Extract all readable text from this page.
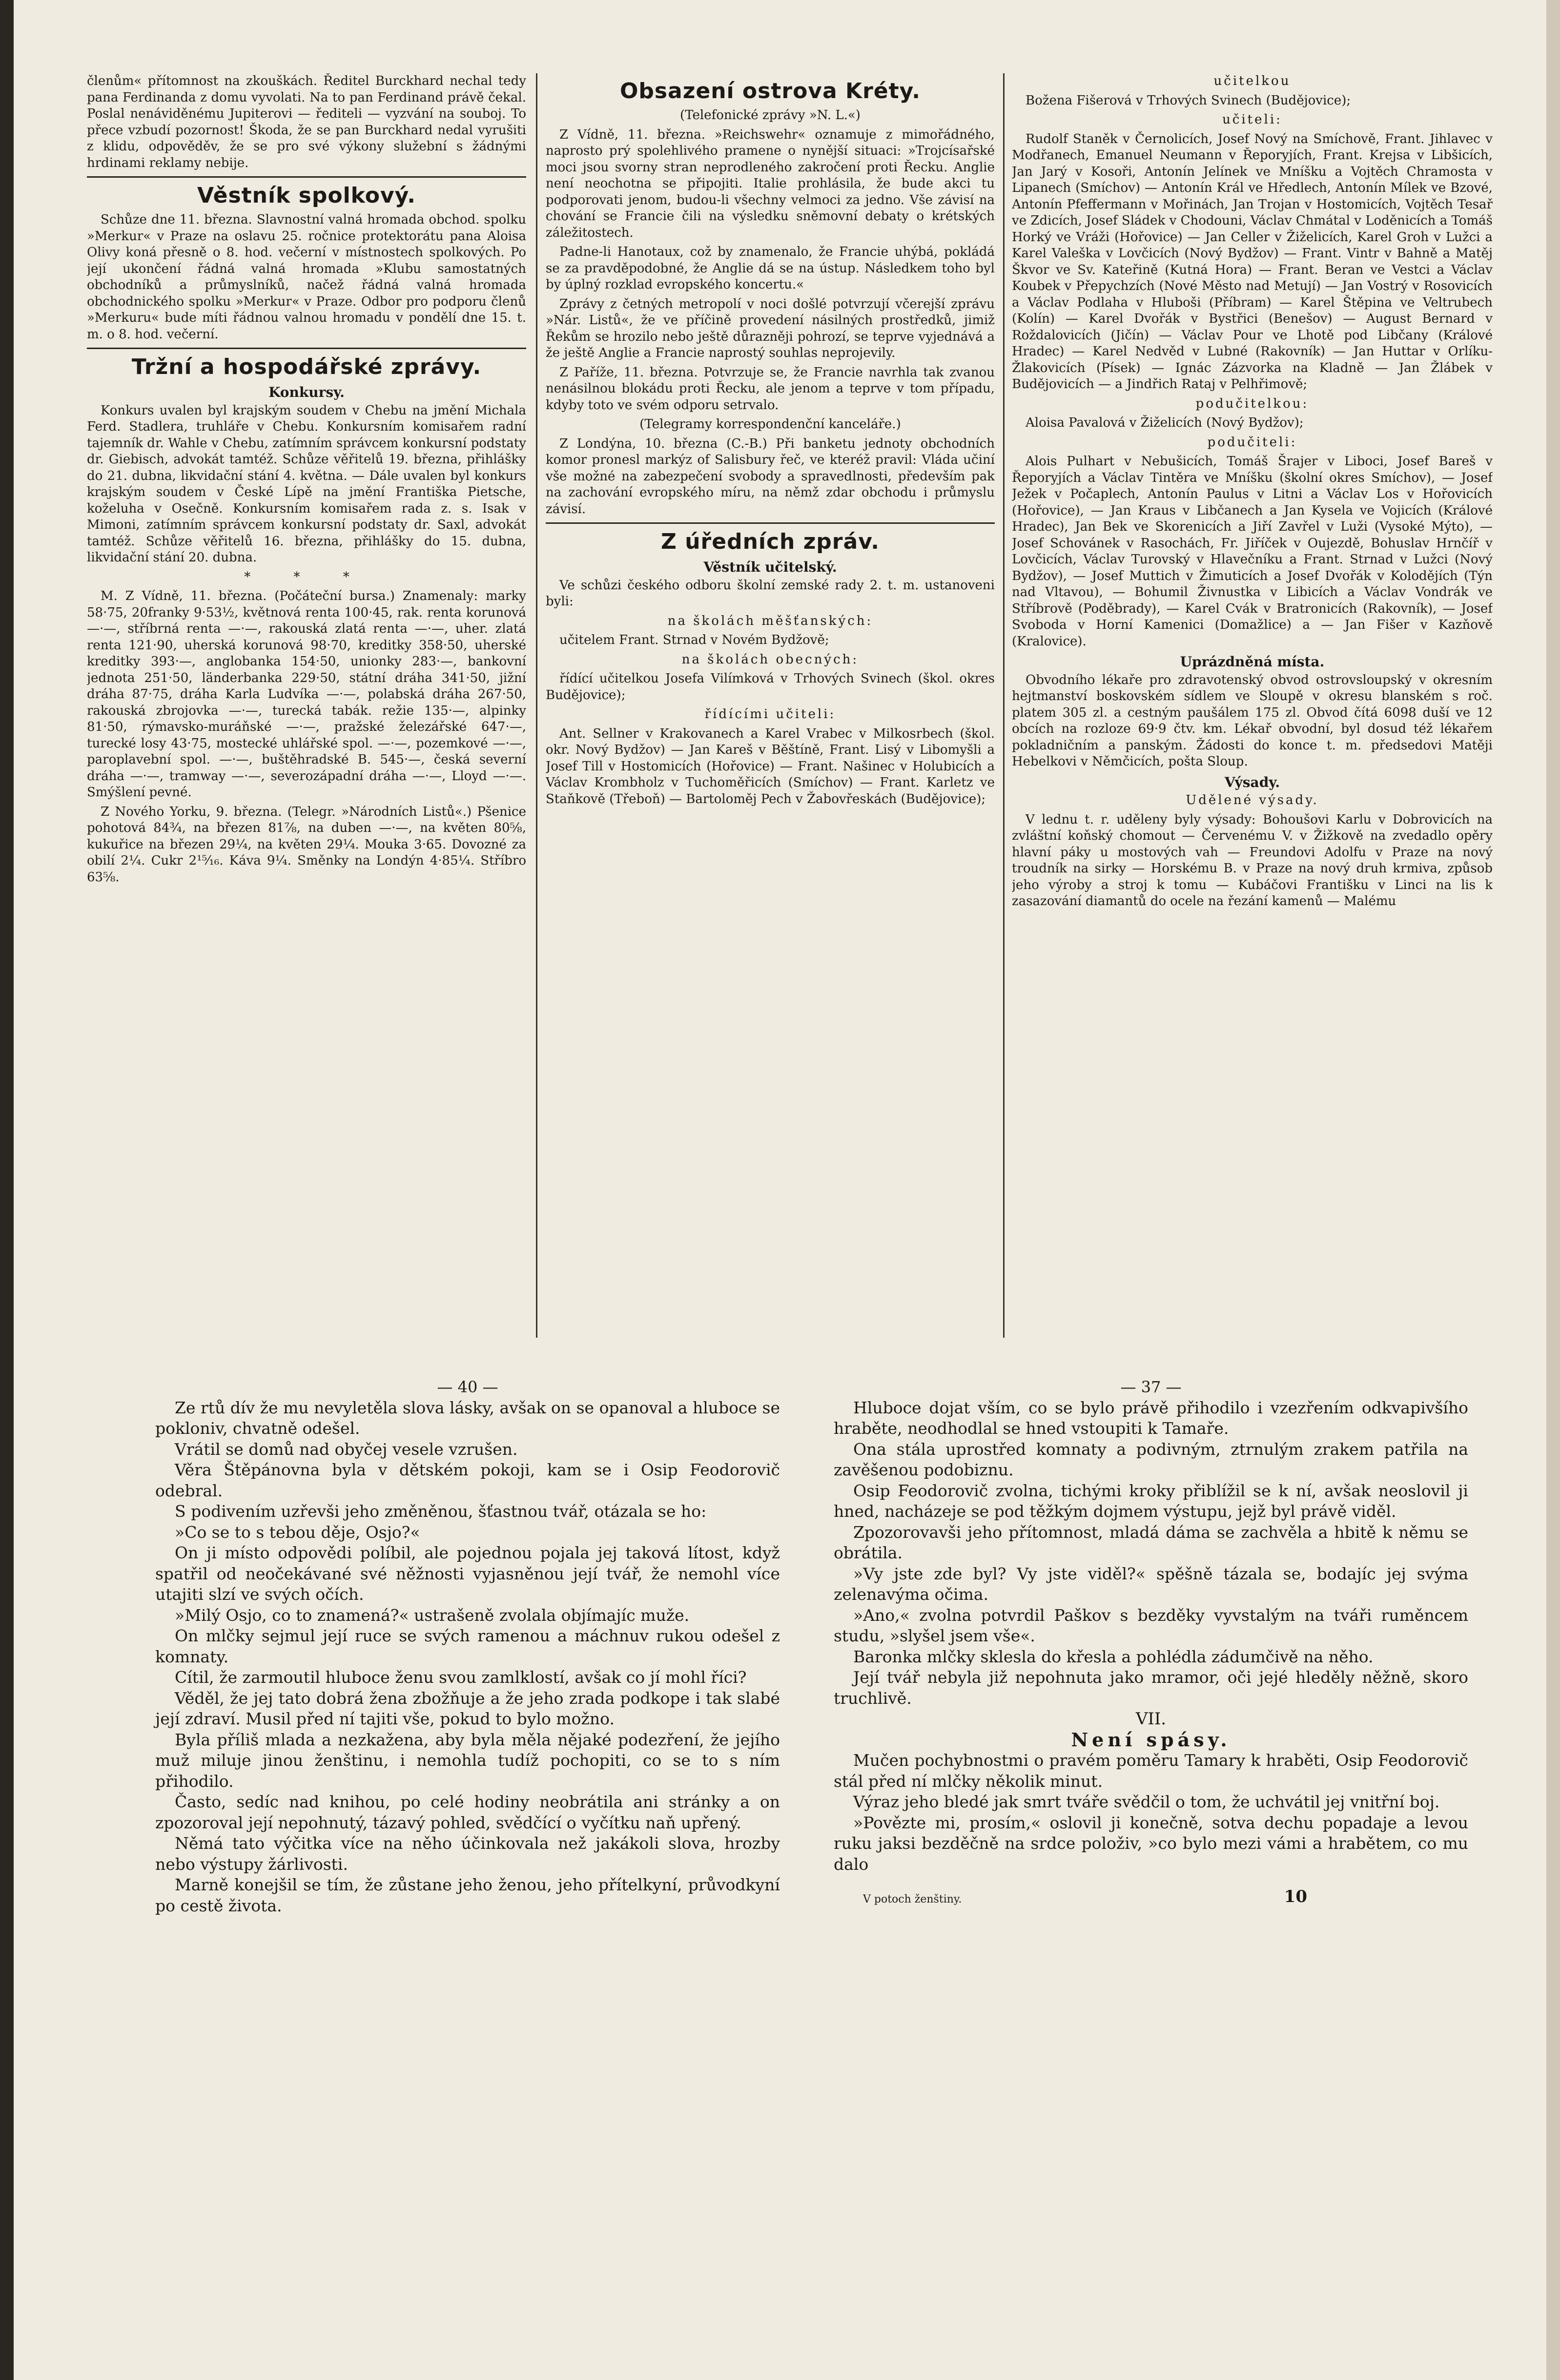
členům« přítomnost na zkouškách. Ředitel Burckhard nechal tedy pana Ferdinanda z domu vyvolati. Na to pan Ferdinand právě čekal. Poslal nenáviděnému Jupiterovi — řediteli — vyzvání na souboj. To přece vzbudí pozornost! Škoda, že se pan Burckhard nedal vyrušiti z klidu, odpověděv, že se pro své výkony služební s žádnými hrdinami reklamy nebije.

Věstník spolkový.

Schůze dne 11. března. Slavnostní valná hromada obchod. spolku »Merkur« v Praze na oslavu 25. ročnice protektorátu pana Aloisa Olivy koná přesně o 8. hod. večerní v místnostech spolkových. Po její ukončení řádná valná hromada »Klubu samostatných obchodníků a průmyslníků, načež řádná valná hromada obchodnického spolku »Merkur« v Praze. Odbor pro podporu členů »Merkuru« bude míti řádnou valnou hromadu v pondělí dne 15. t. m. o 8. hod. večerní.

Tržní a hospodářské zprávy.
Konkursy.

Konkurs uvalen byl krajským soudem v Chebu na jmění Michala Ferd. Stadlera, truhláře v Chebu. Konkursním komisařem radní tajemník dr. Wahle v Chebu, zatímním správcem konkursní podstaty dr. Giebisch, advokát tamtéž. Schůze věřitelů 19. března, přihlášky do 21. dubna, likvidační stání 4. května. — Dále uvalen byl konkurs krajským soudem v České Lípě na jmění Františka Pietsche, koželuha v Osečně. Konkursním komisařem rada z. s. Isak v Mimoni, zatímním správcem konkursní podstaty dr. Saxl, advokát tamtéž. Schůze věřitelů 16. března, přihlášky do 15. dubna, likvidační stání 20. dubna.

* * *

M. Z Vídně, 11. března. (Počáteční bursa.) Znamenaly: marky 58·75, 20franky 9·53½, květnová renta 100·45, rak. renta korunová —·—, stříbrná renta —·—, rakouská zlatá renta —·—, uher. zlatá renta 121·90, uherská korunová 98·70, kreditky 358·50, uherské kreditky 393·—, anglobanka 154·50, unionky 283·—, bankovní jednota 251·50, länderbanka 229·50, státní dráha 341·50, jižní dráha 87·75, dráha Karla Ludvíka —·—, polabská dráha 267·50, rakouská zbrojovka —·—, turecká tabák. režie 135·—, alpinky 81·50, rýmavsko-muráňské —·—, pražské železářské 647·—, turecké losy 43·75, mostecké uhlářské spol. —·—, pozemkové —·—, paroplavební spol. —·—, buštěhradské B. 545·—, česká severní dráha —·—, tramway —·—, severozápadní dráha —·—, Lloyd —·—. Smýšlení pevné.

Z Nového Yorku, 9. března. (Telegr. »Národních Listů«.) Pšenice pohotová 84¾, na březen 81⅞, na duben —·—, na květen 80⅝, kukuřice na březen 29¼, na květen 29¼. Mouka 3·65. Dovozné za obilí 2¼. Cukr 2¹⁵⁄₁₆. Káva 9¼. Směnky na Londýn 4·85¼. Stříbro 63⅝.

Obsazení ostrova Kréty.

(Telefonické zprávy »N. L.«)

Z Vídně, 11. března. »Reichswehr« oznamuje z mimořádného, naprosto prý spolehlivého pramene o nynější situaci: »Trojcísařské moci jsou svorny stran neprodleného zakročení proti Řecku. Anglie není neochotna se připojiti. Italie prohlásila, že bude akci tu podporovati jenom, budou-li všechny velmoci za jedno. Vše závisí na chování se Francie čili na výsledku sněmovní debaty o krétských záležitostech.

Padne-li Hanotaux, což by znamenalo, že Francie uhýbá, pokládá se za pravděpodobné, že Anglie dá se na ústup. Následkem toho byl by úplný rozklad evropského koncertu.«

Zprávy z četných metropolí v noci došlé potvrzují včerejší zprávu »Nár. Listů«, že ve příčině provedení násilných prostředků, jimiž Řekům se hrozilo nebo ještě důrazněji pohrozí, se teprve vyjednává a že ještě Anglie a Francie naprostý souhlas neprojevily.

Z Paříže, 11. března. Potvrzuje se, že Francie navrhla tak zvanou nenásilnou blokádu proti Řecku, ale jenom a teprve v tom případu, kdyby toto ve svém odporu setrvalo.

(Telegramy korrespondenční kanceláře.)

Z Londýna, 10. března (C.-B.) Při banketu jednoty obchodních komor pronesl markýz of Salisbury řeč, ve kteréž pravil: Vláda učiní vše možné na zabezpečení svobody a spravedlnosti, především pak na zachování evropského míru, na němž zdar obchodu i průmyslu závisí.

Z úředních zpráv.
Věstník učitelský.

Ve schůzi českého odboru školní zemské rady 2. t. m. ustanoveni byli:

na školách měšťanských:

učitelem Frant. Strnad v Novém Bydžově;

na školách obecných:

řídící učitelkou Josefa Vilímková v Trhových Svinech (škol. okres Budějovice);

řídícími učiteli:

Ant. Sellner v Krakovanech a Karel Vrabec v Milkosrbech (škol. okr. Nový Bydžov) — Jan Kareš v Běštíně, Frant. Lisý v Libomyšli a Josef Till v Hostomicích (Hořovice) — Frant. Našinec v Holubicích a Václav Krombholz v Tuchoměřicích (Smíchov) — Frant. Karletz ve Staňkově (Třeboň) — Bartoloměj Pech v Žabovřeskách (Budějovice);

učitelkou

Božena Fišerová v Trhových Svinech (Budějovice);

učiteli:

Rudolf Staněk v Černolicích, Josef Nový na Smíchově, Frant. Jihlavec v Modřanech, Emanuel Neumann v Řeporyjích, Frant. Krejsa v Libšicích, Jan Jarý v Kosoři, Antonín Jelínek ve Mníšku a Vojtěch Chramosta v Lipanech (Smíchov) — Antonín Král ve Hředlech, Antonín Mílek ve Bzové, Antonín Pfeffermann v Mořinách, Jan Trojan v Hostomicích, Vojtěch Tesař ve Zdicích, Josef Sládek v Chodouni, Václav Chmátal v Loděnicích a Tomáš Horký ve Vráži (Hořovice) — Jan Celler v Žiželicích, Karel Groh v Lužci a Karel Valeška v Lovčicích (Nový Bydžov) — Frant. Vintr v Bahně a Matěj Škvor ve Sv. Kateřině (Kutná Hora) — Frant. Beran ve Vestci a Václav Koubek v Přepychzích (Nové Město nad Metují) — Jan Vostrý v Rosovicích a Václav Podlaha v Hluboši (Příbram) — Karel Štěpina ve Veltrubech (Kolín) — Karel Dvořák v Bystřici (Benešov) — August Bernard v Roždalovicích (Jičín) — Václav Pour ve Lhotě pod Libčany (Králové Hradec) — Karel Nedvěd v Lubné (Rakovník) — Jan Huttar v Orlíku-Žlakovicích (Písek) — Ignác Zázvorka na Kladně — Jan Žlábek v Budějovicích — a Jindřich Rataj v Pelhřimově;

podučitelkou:

Aloisa Pavalová v Žiželicích (Nový Bydžov);

podučiteli:

Alois Pulhart v Nebušicích, Tomáš Šrajer v Liboci, Josef Bareš v Řeporyjích a Václav Tintěra ve Mníšku (školní okres Smíchov), — Josef Ježek v Počaplech, Antonín Paulus v Litni a Václav Los v Hořovicích (Hořovice), — Jan Kraus v Libčanech a Jan Kysela ve Vojicích (Králové Hradec), Jan Bek ve Skorenicích a Jiří Zavřel v Luži (Vysoké Mýto), — Josef Schovánek v Rasochách, Fr. Jiříček v Oujezdě, Bohuslav Hrnčíř v Lovčicích, Václav Turovský v Hlavečníku a Frant. Strnad v Lužci (Nový Bydžov), — Josef Muttich v Žimuticích a Josef Dvořák v Kolodějích (Týn nad Vltavou), — Bohumil Živnustka v Libicích a Václav Vondrák ve Stříbrově (Poděbrady), — Karel Cvák v Bratronicích (Rakovník), — Josef Svoboda v Horní Kamenici (Domažlice) a — Jan Fišer v Kazňově (Kralovice).

Uprázdněná místa.

Obvodního lékaře pro zdravotenský obvod ostrovsloupský v okresním hejtmanství boskovském sídlem ve Sloupě v okresu blanském s roč. platem 305 zl. a cestným paušálem 175 zl. Obvod čítá 6098 duší ve 12 obcích na rozloze 69·9 čtv. km. Lékař obvodní, byl dosud též lékařem pokladničním a panským. Žádosti do konce t. m. předsedovi Matěji Hebelkovi v Němčicích, pošta Sloup.

Výsady.

Udělené výsady.

V lednu t. r. uděleny byly výsady: Bohoušovi Karlu v Dobrovicích na zvláštní koňský chomout — Červenému V. v Žižkově na zvedadlo opěry hlavní páky u mostových vah — Freundovi Adolfu v Praze na nový troudník na sirky — Horskému B. v Praze na nový druh krmiva, způsob jeho výroby a stroj k tomu — Kubáčovi Františku v Linci na lis k zasazování diamantů do ocele na řezání kamenů — Malému

— 40 —

Ze rtů dív že mu nevyletěla slova lásky, avšak on se opanoval a hluboce se pokloniv, chvatně odešel.

Vrátil se domů nad obyčej vesele vzrušen.

Věra Štěpánovna byla v dětském pokoji, kam se i Osip Feodorovič odebral.

S podivením uzřevši jeho změněnou, šťastnou tvář, otázala se ho:

»Co se to s tebou děje, Osjo?«

On ji místo odpovědi políbil, ale pojednou pojala jej taková lítost, když spatřil od neočekávané své něžnosti vyjasněnou její tvář, že nemohl více utajiti slzí ve svých očích.

»Milý Osjo, co to znamená?« ustrašeně zvolala objímajíc muže.

On mlčky sejmul její ruce se svých ramenou a máchnuv rukou odešel z komnaty.

Cítil, že zarmoutil hluboce ženu svou zamlklostí, avšak co jí mohl říci?

Věděl, že jej tato dobrá žena zbožňuje a že jeho zrada podkope i tak slabé její zdraví. Musil před ní tajiti vše, pokud to bylo možno.

Byla příliš mlada a nezkažena, aby byla měla nějaké podezření, že jejího muž miluje jinou ženštinu, i nemohla tudíž pochopiti, co se to s ním přihodilo.

Často, sedíc nad knihou, po celé hodiny neobrátila ani stránky a on zpozoroval její nepohnutý, tázavý pohled, svědčící o vyčítku naň upřený.

Němá tato výčitka více na něho účinkovala než jakákoli slova, hrozby nebo výstupy žárlivosti.

Marně konejšil se tím, že zůstane jeho ženou, jeho přítelkyní, průvodkyní po cestě života.

— 37 —

Hluboce dojat vším, co se bylo právě přihodilo i vzezřením odkvapivšího hraběte, neodhodlal se hned vstoupiti k Tamaře.

Ona stála uprostřed komnaty a podivným, ztrnulým zrakem patřila na zavěšenou podobiznu.

Osip Feodorovič zvolna, tichými kroky přiblížil se k ní, avšak neoslovil ji hned, nacházeje se pod těžkým dojmem výstupu, jejž byl právě viděl.

Zpozorovavši jeho přítomnost, mladá dáma se zachvěla a hbitě k němu se obrátila.

»Vy jste zde byl? Vy jste viděl?« spěšně tázala se, bodajíc jej svýma zelenavýma očima.

»Ano,« zvolna potvrdil Paškov s bezděky vyvstalým na tváři ruměncem studu, »slyšel jsem vše«.

Baronka mlčky sklesla do křesla a pohlédla zádumčivě na něho.

Její tvář nebyla již nepohnuta jako mramor, oči jejé hleděly něžně, skoro truchlivě.

VII.

Není spásy.

Mučen pochybnostmi o pravém poměru Tamary k hraběti, Osip Feodorovič stál před ní mlčky několik minut.

Výraz jeho bledé jak smrt tváře svědčil o tom, že uchvátil jej vnitřní boj.

»Povězte mi, prosím,« oslovil ji konečně, sotva dechu popadaje a levou ruku jaksi bezděčně na srdce položiv, »co bylo mezi vámi a hrabětem, co mu dalo

V potoch ženštiny.	10
